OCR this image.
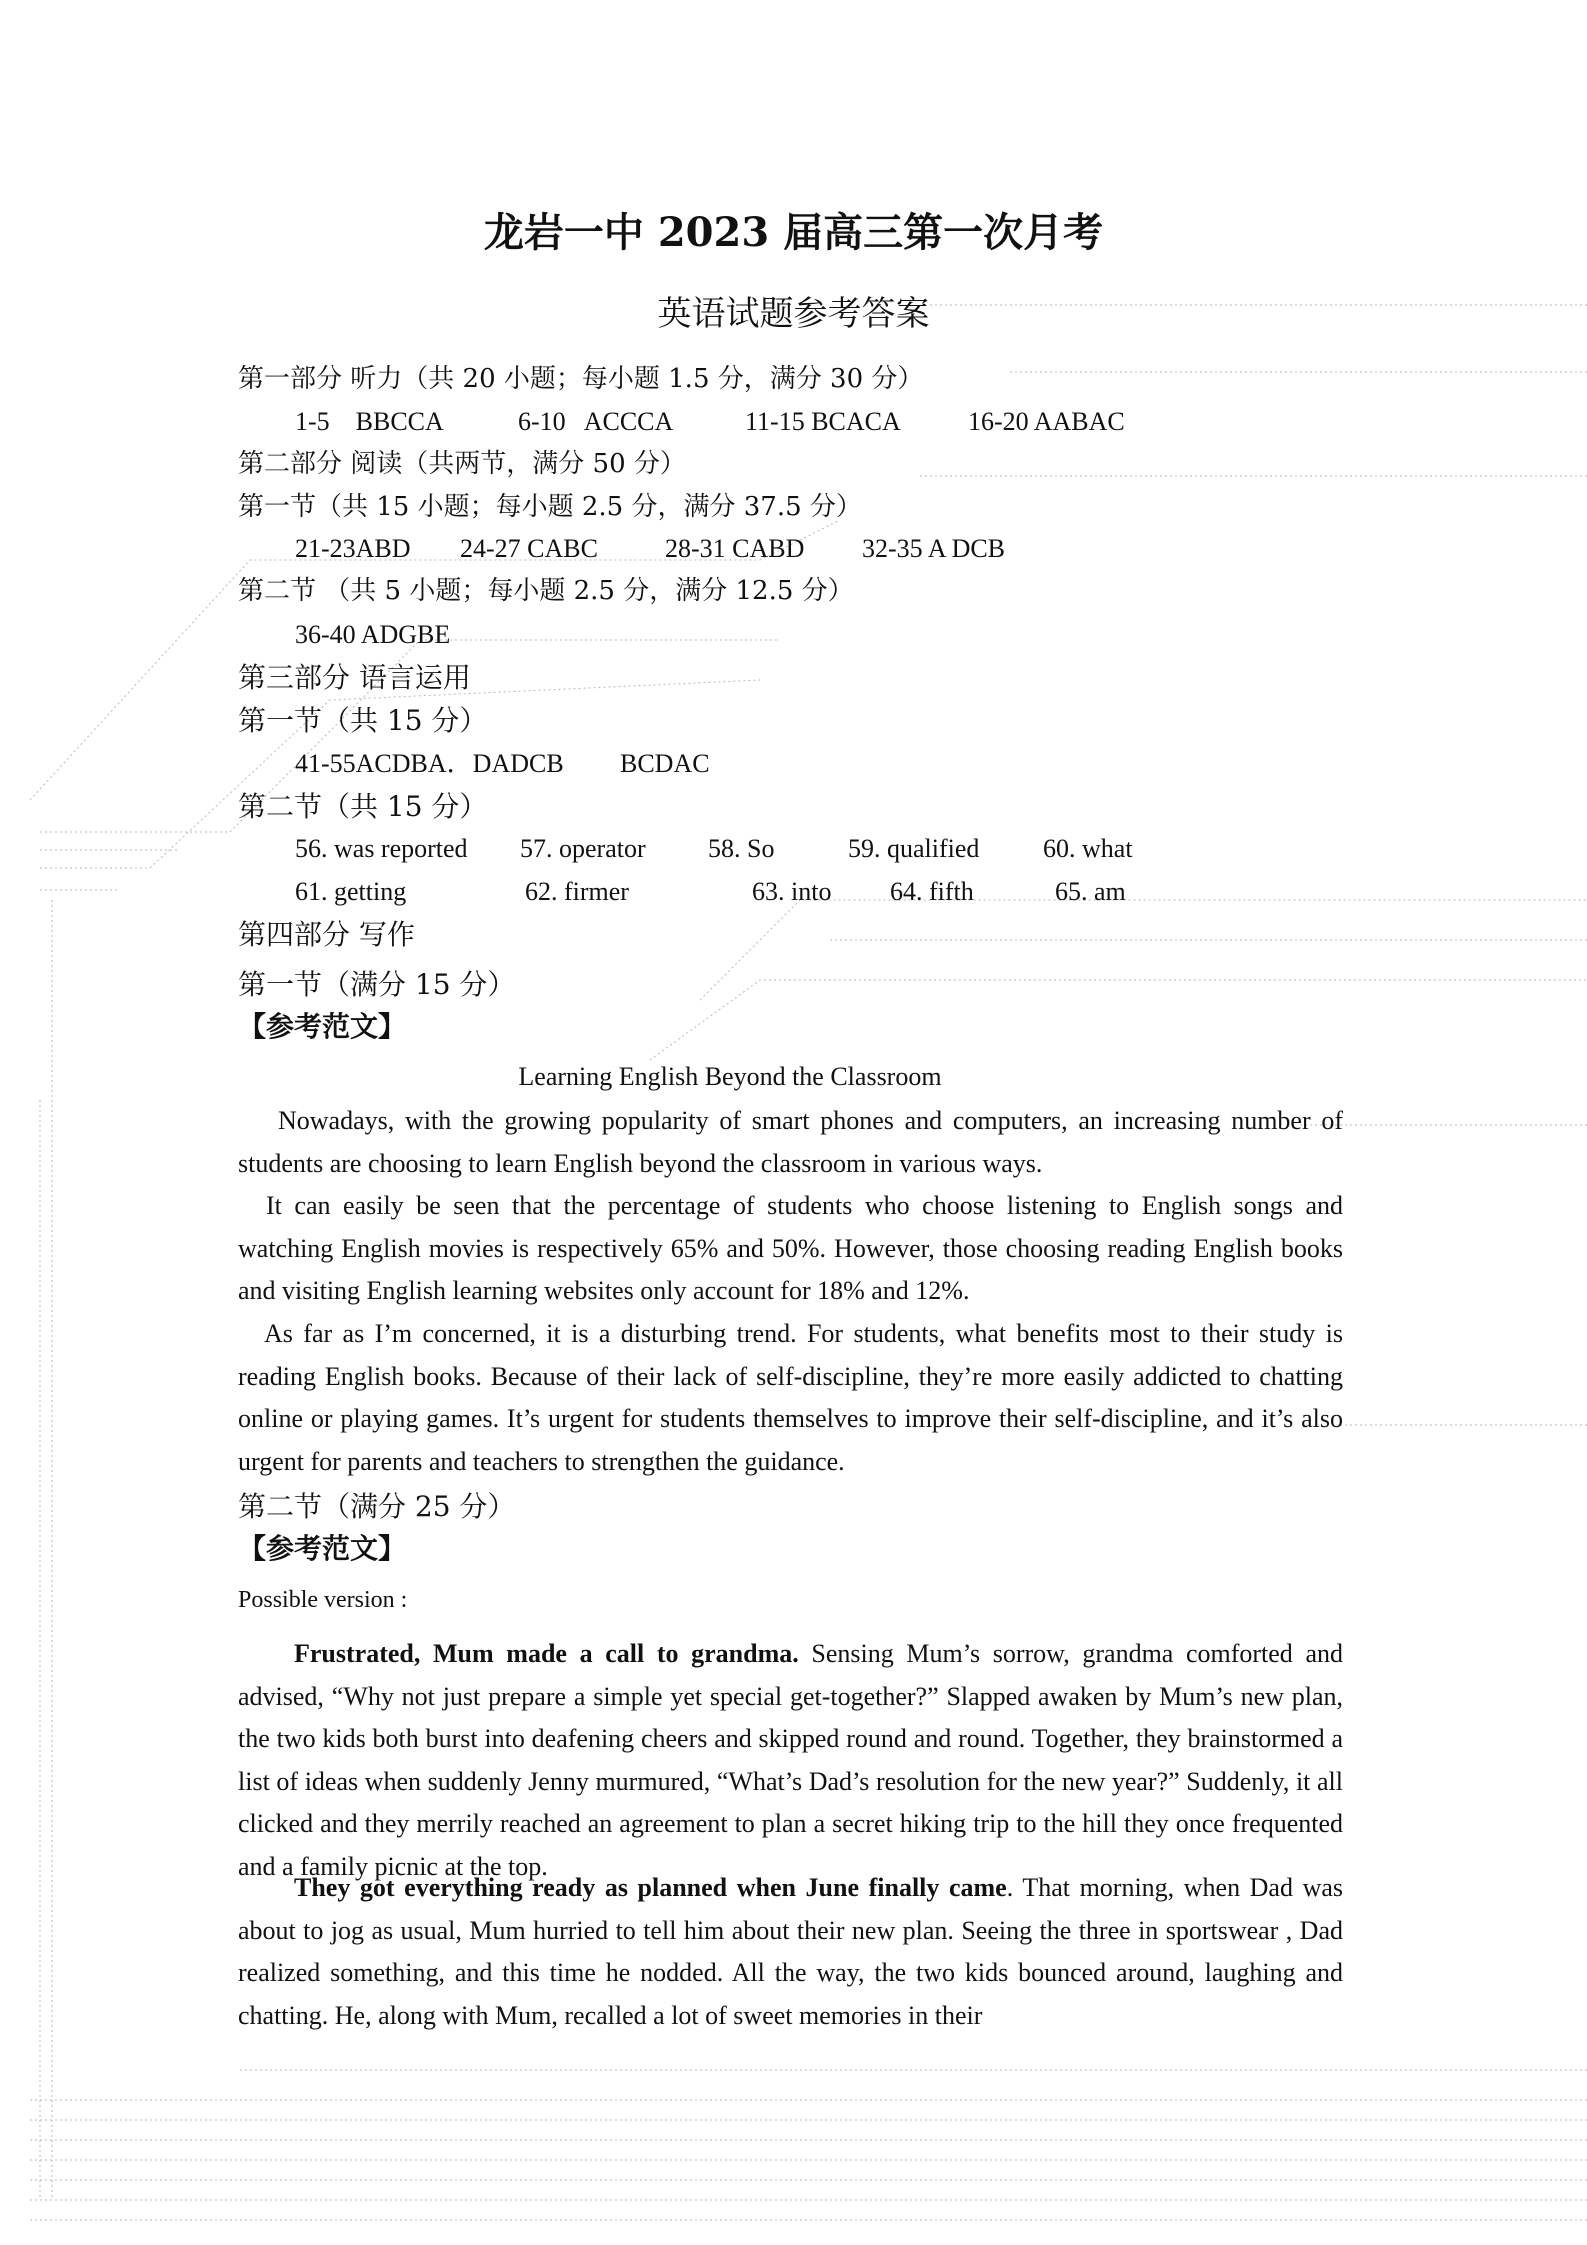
龙岩一中 2023 届高三第一次月考
英语试题参考答案
第一部分 听力（共 20 小题；每小题 1.5 分，满分 30 分）
1-5    BBCCA	6-10   ACCCA	11-15 BCACA	16-20 AABAC
第二部分 阅读（共两节，满分 50 分）
第一节（共 15 小题；每小题 2.5 分，满分 37.5 分）
21-23ABD 24-27 CABC	28-31 CABD 32-35 A DCB
第二节 （共 5 小题；每小题 2.5 分，满分 12.5 分）
36-40 ADGBE
第三部分 语言运用
第一节（共 15 分）
41-55ACDBA．DADCB BCDAC
第二节（共 15 分）
56. was reported 57. operator 58. So	59. qualified 60. what
61. getting	62. firmer	63. into 64. fifth	65. am
第四部分 写作
第一节（满分 15 分）
【参考范文】
Learning English Beyond the Classroom

Nowadays, with the growing popularity of smart phones and computers, an increasing number of students are choosing to learn English beyond the classroom in various ways.

It can easily be seen that the percentage of students who choose listening to English songs and watching English movies is respectively 65% and 50%. However, those choosing reading English books and visiting English learning websites only account for 18% and 12%.

As far as I’m concerned, it is a disturbing trend. For students, what benefits most to their study is reading English books. Because of their lack of self-discipline, they’re more easily addicted to chatting online or playing games. It’s urgent for students themselves to improve their self-discipline, and it’s also urgent for parents and teachers to strengthen the guidance.

第二节（满分 25 分）
【参考范文】
Possible version :

Frustrated, Mum made a call to grandma. Sensing Mum’s sorrow, grandma comforted and advised, “Why not just prepare a simple yet special get-together?” Slapped awaken by Mum’s new plan, the two kids both burst into deafening cheers and skipped round and round. Together, they brainstormed a list of ideas when suddenly Jenny murmured, “What’s Dad’s resolution for the new year?” Suddenly, it all clicked and they merrily reached an agreement to plan a secret hiking trip to the hill they once frequented and a family picnic at the top.

They got everything ready as planned when June finally came. That morning, when Dad was about to jog as usual, Mum hurried to tell him about their new plan. Seeing the three in sportswear , Dad realized something, and this time he nodded. All the way, the two kids bounced around, laughing and chatting. He, along with Mum, recalled a lot of sweet memories in their
